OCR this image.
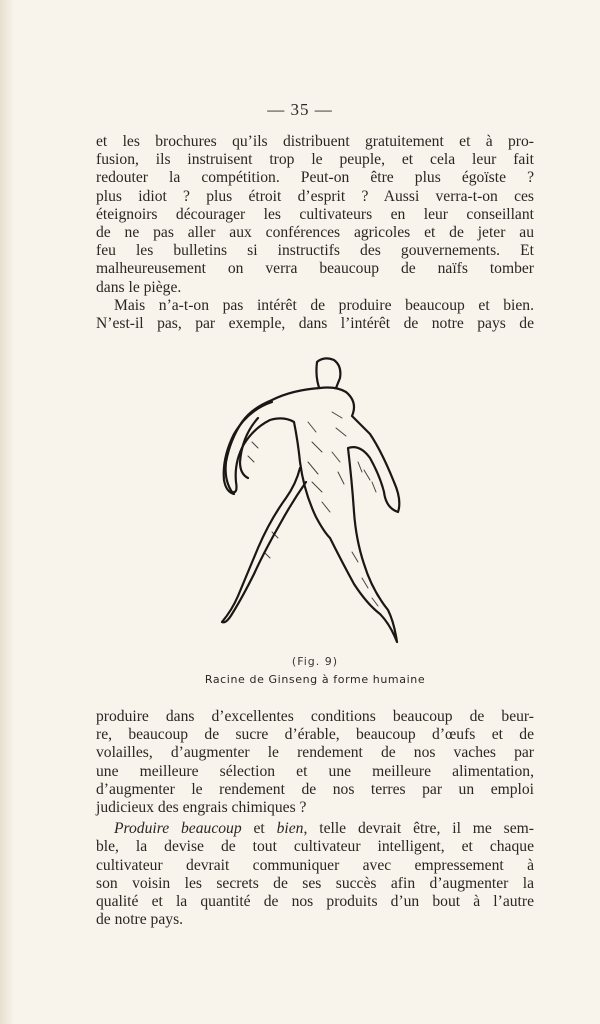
— 35 —
et les brochures qu’ils distribuent gratuitement et à pro-
fusion, ils instruisent trop le peuple, et cela leur fait
redouter la compétition. Peut-on être plus égoïste ?
plus idiot ? plus étroit d’esprit ? Aussi verra-t-on ces
éteignoirs décourager les cultivateurs en leur conseillant
de ne pas aller aux conférences agricoles et de jeter au
feu les bulletins si instructifs des gouvernements. Et
malheureusement on verra beaucoup de naïfs tomber
dans le piège.
Mais n’a-t-on pas intérêt de produire beaucoup et bien.
N’est-il pas, par exemple, dans l’intérêt de notre pays de
(Fig. 9)
Racine de Ginseng à forme humaine
produire dans d’excellentes conditions beaucoup de beur-
re, beaucoup de sucre d’érable, beaucoup d’œufs et de
volailles, d’augmenter le rendement de nos vaches par
une meilleure sélection et une meilleure alimentation,
d’augmenter le rendement de nos terres par un emploi
judicieux des engrais chimiques ?
Produire beaucoup et bien, telle devrait être, il me sem-
ble, la devise de tout cultivateur intelligent, et chaque
cultivateur devrait communiquer avec empressement à
son voisin les secrets de ses succès afin d’augmenter la
qualité et la quantité de nos produits d’un bout à l’autre
de notre pays.
